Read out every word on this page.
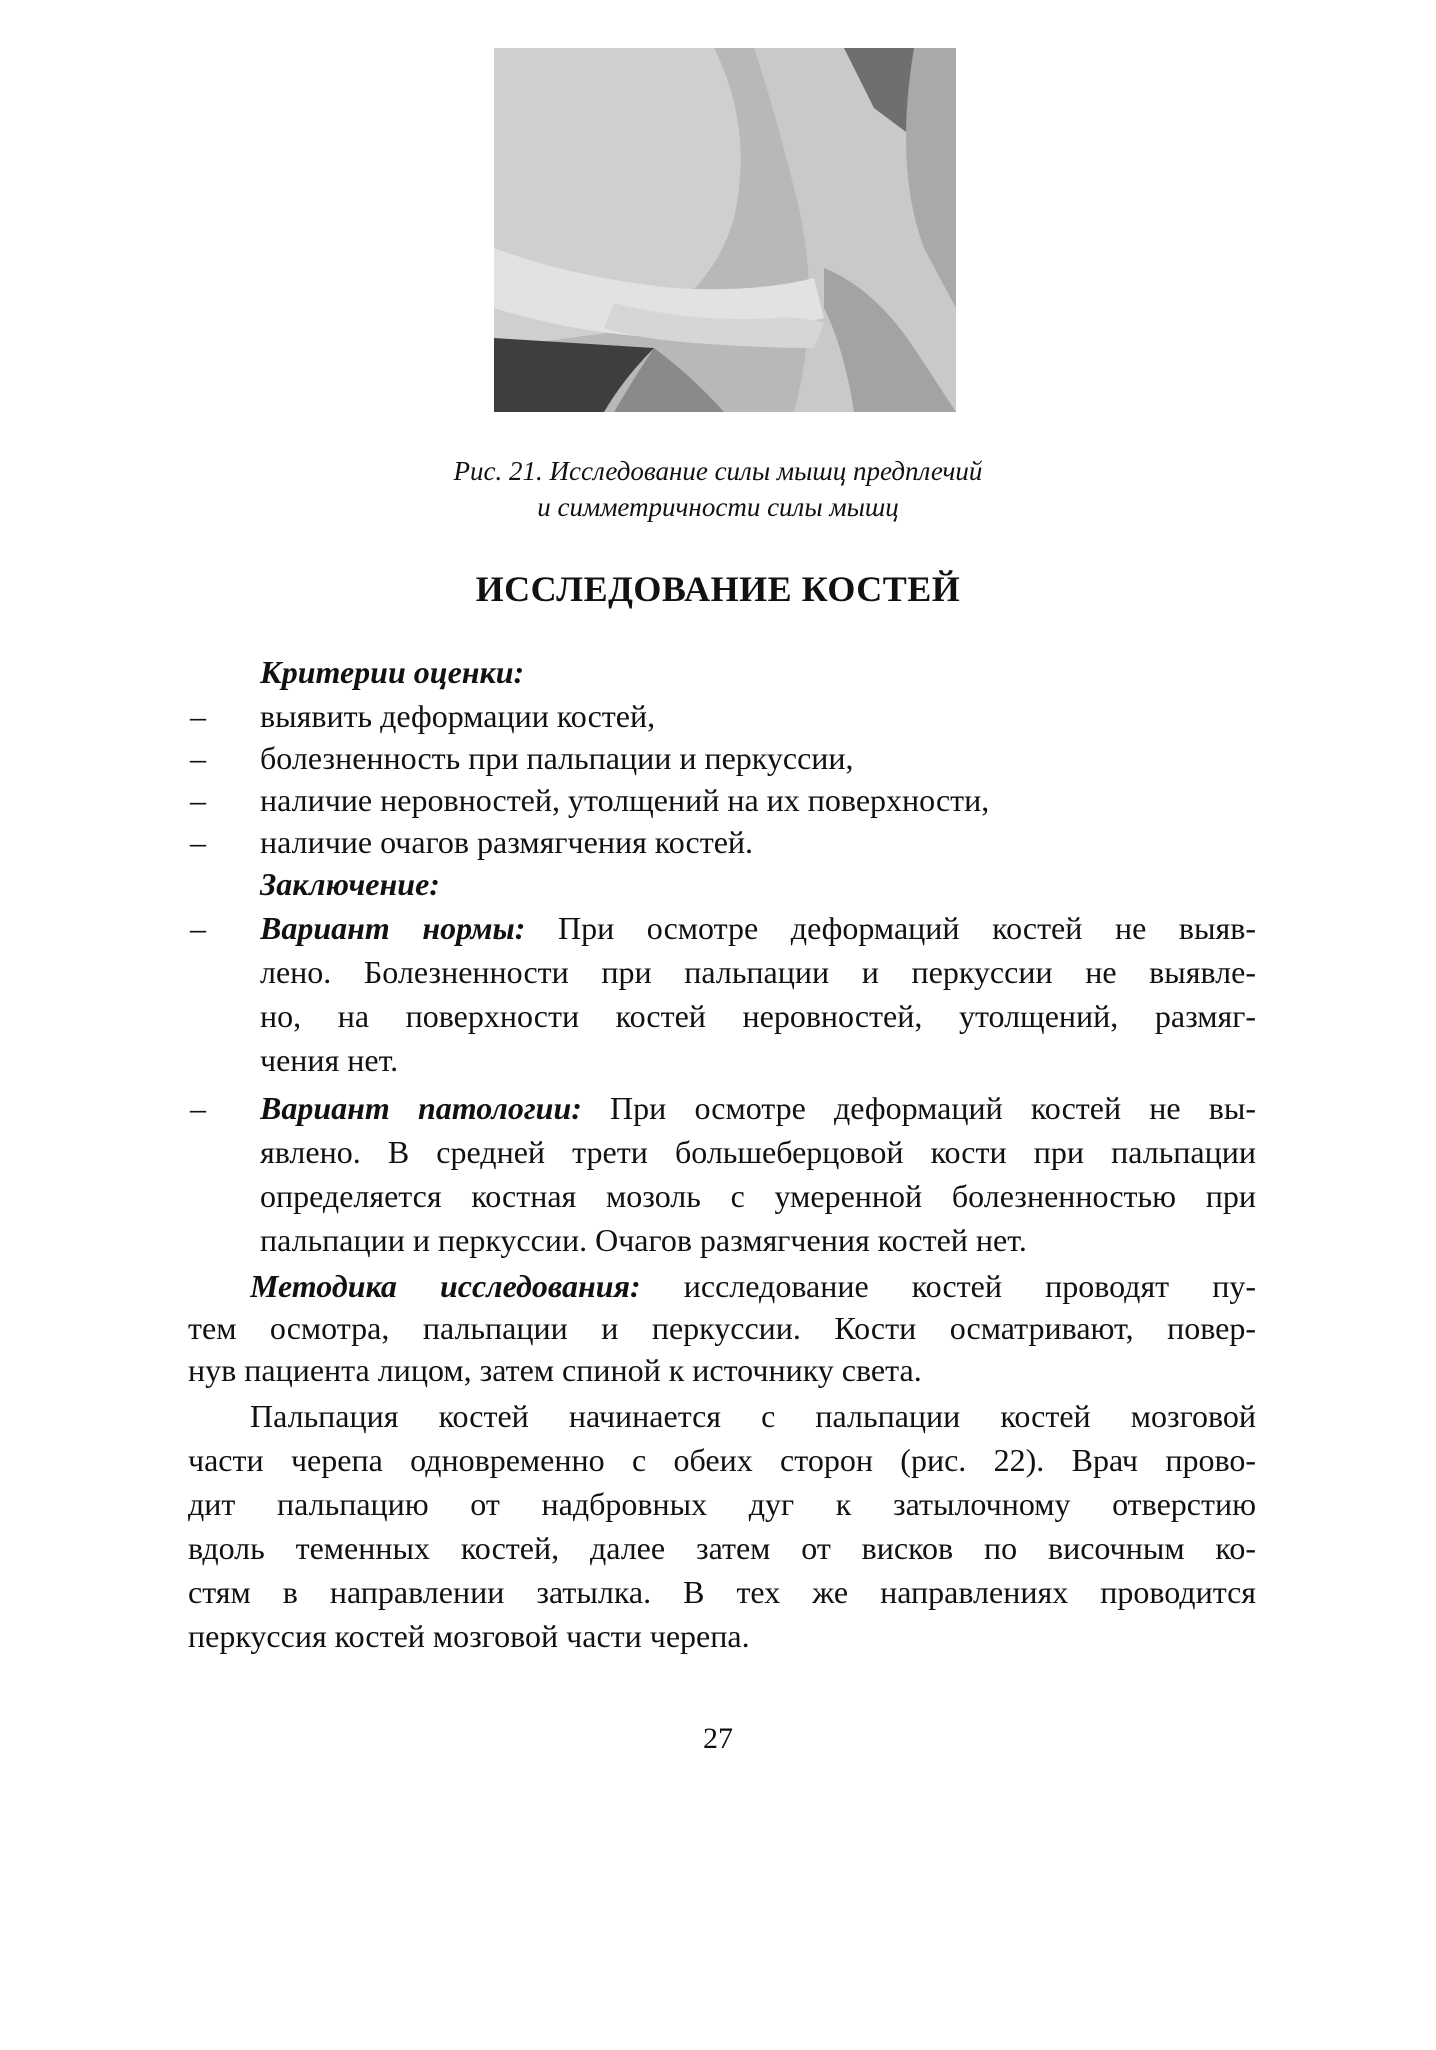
Рис. 21. Исследование силы мышц предплечий
и симметричности силы мышц
ИССЛЕДОВАНИЕ КОСТЕЙ
Критерии оценки:
– выявить деформации костей,
– болезненность при пальпации и перкуссии,
– наличие неровностей, утолщений на их поверхности,
– наличие очагов размягчения костей.
Заключение:
– Вариант нормы: При осмотре деформаций костей не выяв-
лено. Болезненности при пальпации и перкуссии не выявле-
но, на поверхности костей неровностей, утолщений, размяг-
чения нет.
– Вариант патологии: При осмотре деформаций костей не вы-
явлено. В средней трети большеберцовой кости при пальпации
определяется костная мозоль с умеренной болезненностью при
пальпации и перкуссии. Очагов размягчения костей нет.
Методика исследования: исследование костей проводят пу-
тем осмотра, пальпации и перкуссии. Кости осматривают, повер-
нув пациента лицом, затем спиной к источнику света.
Пальпация костей начинается с пальпации костей мозговой
части черепа одновременно с обеих сторон (рис. 22). Врач прово-
дит пальпацию от надбровных дуг к затылочному отверстию
вдоль теменных костей, далее затем от висков по височным ко-
стям в направлении затылка. В тех же направлениях проводится
перкуссия костей мозговой части черепа.
27
